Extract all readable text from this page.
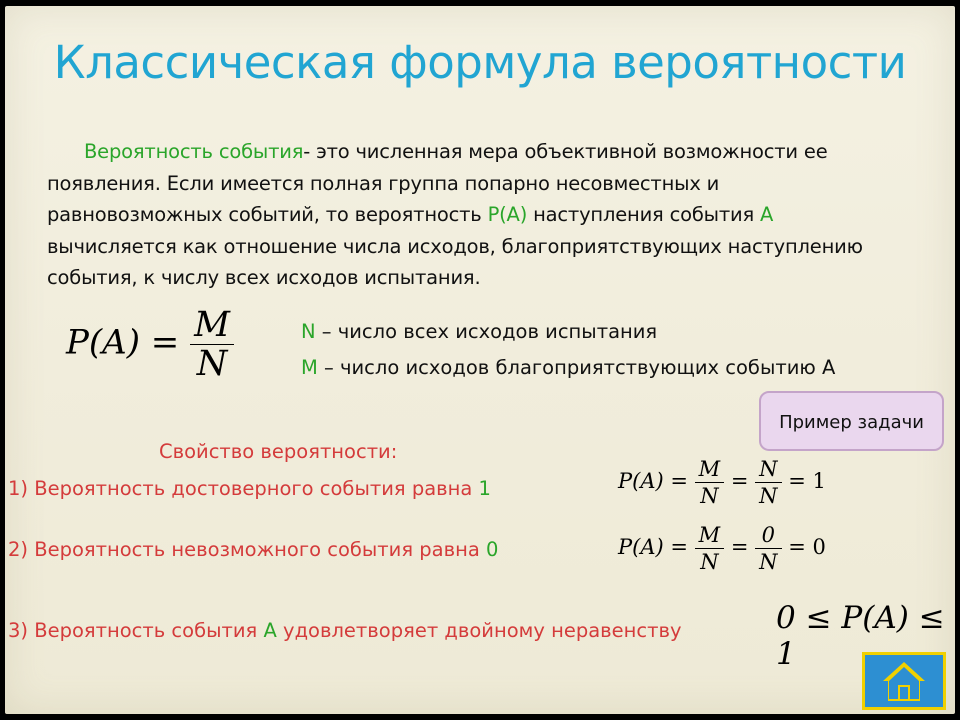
Классическая формула вероятности
Вероятность события- это численная мера объективной возможности ее
появления. Если имеется полная группа попарно несовместных и
равновозможных событий, то вероятность Р(А) наступления события А
вычисляется как отношение числа исходов, благоприятствующих наступлению
события, к числу всех исходов испытания.
$P(A) = \frac{M}{N}$	N – число всех исходов испытания
М – число исходов благоприятствующих событию А
Пример задачи
Свойство вероятности:
1) Вероятность достоверного события равна 1
2) Вероятность невозможного события равна 0
3) Вероятность события А удовлетворяет двойному неравенству
$P(A) = \frac{M}{N} = \frac{N}{N} = 1$
$P(A) = \frac{M}{N} = \frac{0}{N} = 0$
0 ≤ P(A) ≤ 1
